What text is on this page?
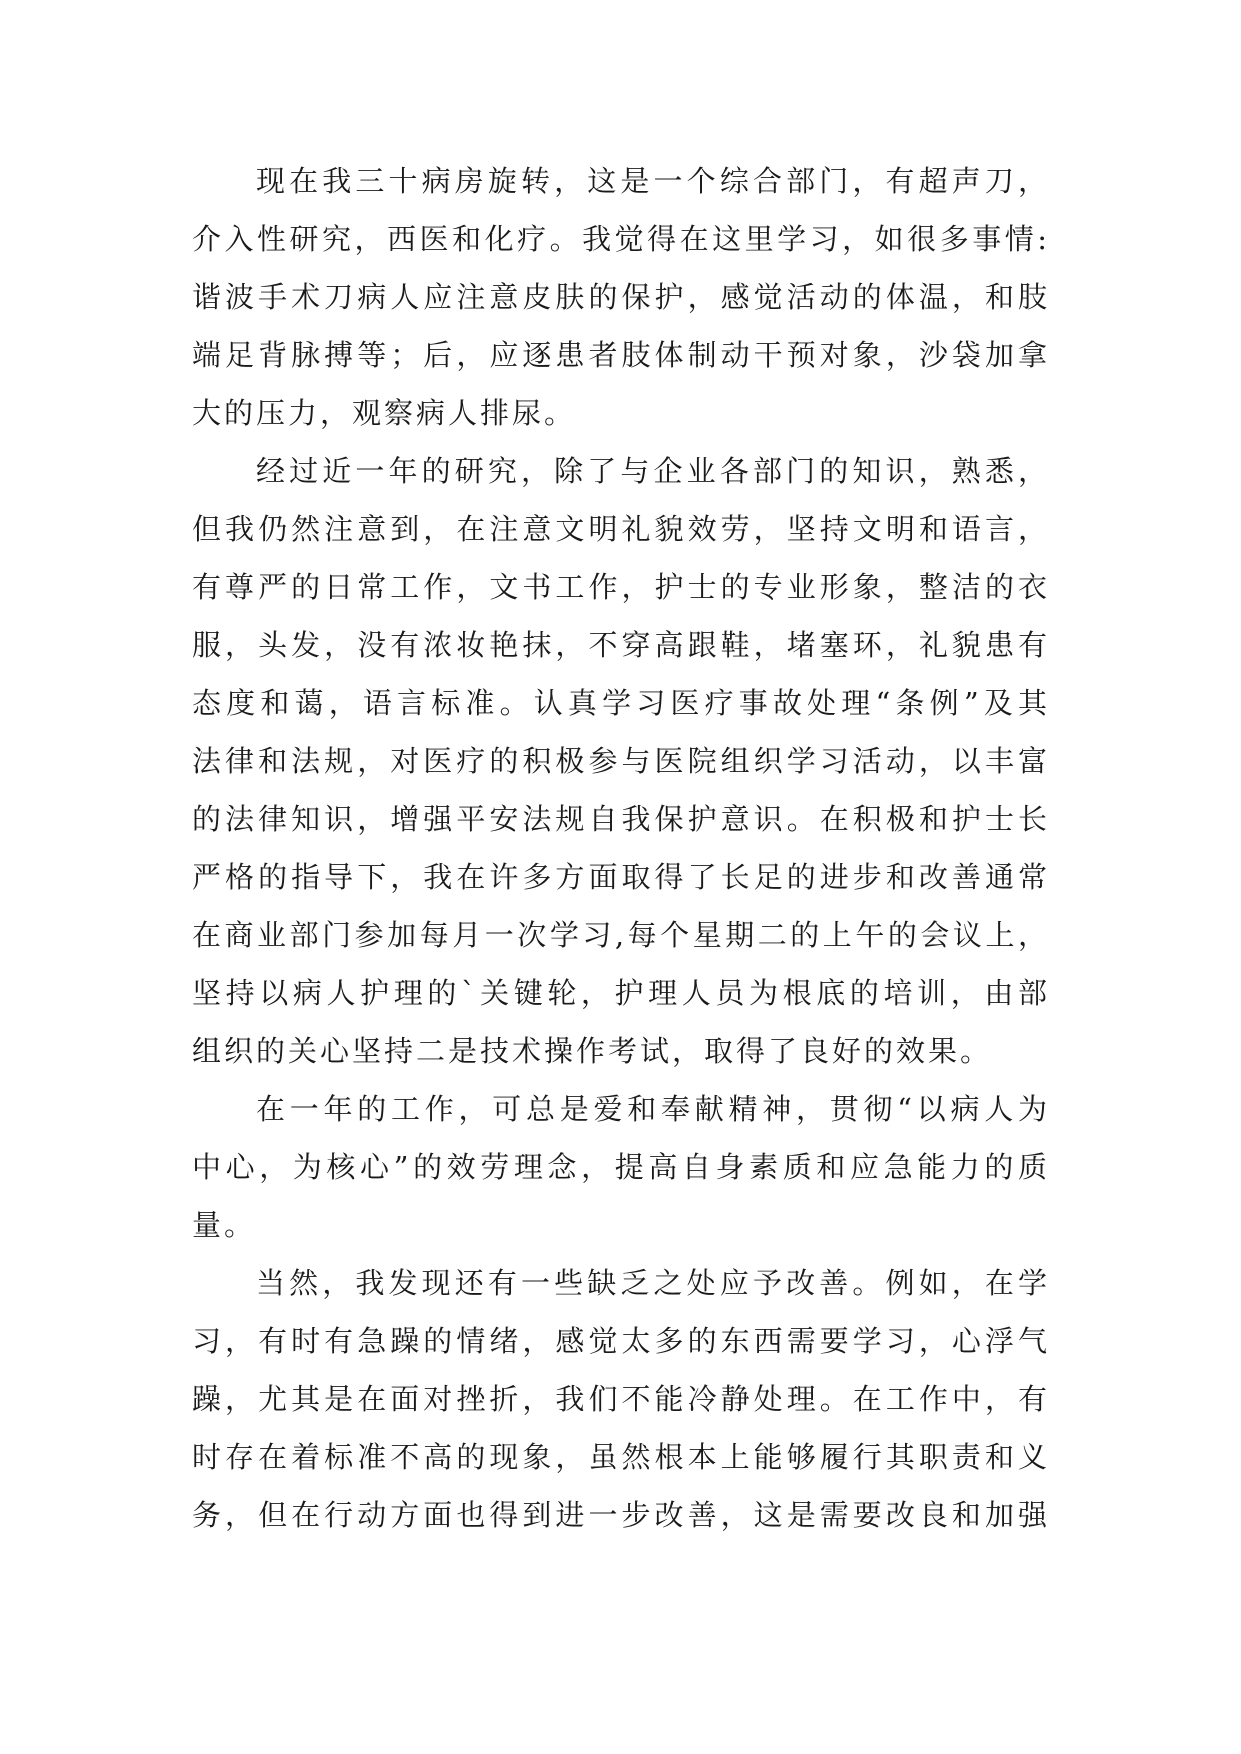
现在我三十病房旋转，这是一个综合部门，有超声刀，
介入性研究，西医和化疗。我觉得在这里学习，如很多事情:
谐波手术刀病人应注意皮肤的保护，感觉活动的体温，和肢
端足背脉搏等；后，应逐患者肢体制动干预对象，沙袋加拿
大的压力，观察病人排尿。
经过近一年的研究，除了与企业各部门的知识，熟悉，
但我仍然注意到，在注意文明礼貌效劳，坚持文明和语言，
有尊严的日常工作，文书工作，护士的专业形象，整洁的衣
服，头发，没有浓妆艳抹，不穿高跟鞋，堵塞环，礼貌患有
态度和蔼，语言标准。认真学习医疗事故处理“条例”及其
法律和法规，对医疗的积极参与医院组织学习活动，以丰富
的法律知识，增强平安法规自我保护意识。在积极和护士长
严格的指导下，我在许多方面取得了长足的进步和改善通常
在商业部门参加每月一次学习,每个星期二的上午的会议上，
坚持以病人护理的`关键轮，护理人员为根底的培训，由部
组织的关心坚持二是技术操作考试，取得了良好的效果。
在一年的工作，可总是爱和奉献精神，贯彻“以病人为
中心，为核心”的效劳理念，提高自身素质和应急能力的质
量。
当然，我发现还有一些缺乏之处应予改善。例如，在学
习，有时有急躁的情绪，感觉太多的东西需要学习，心浮气
躁，尤其是在面对挫折，我们不能冷静处理。在工作中，有
时存在着标准不高的现象，虽然根本上能够履行其职责和义
务，但在行动方面也得到进一步改善，这是需要改良和加强
